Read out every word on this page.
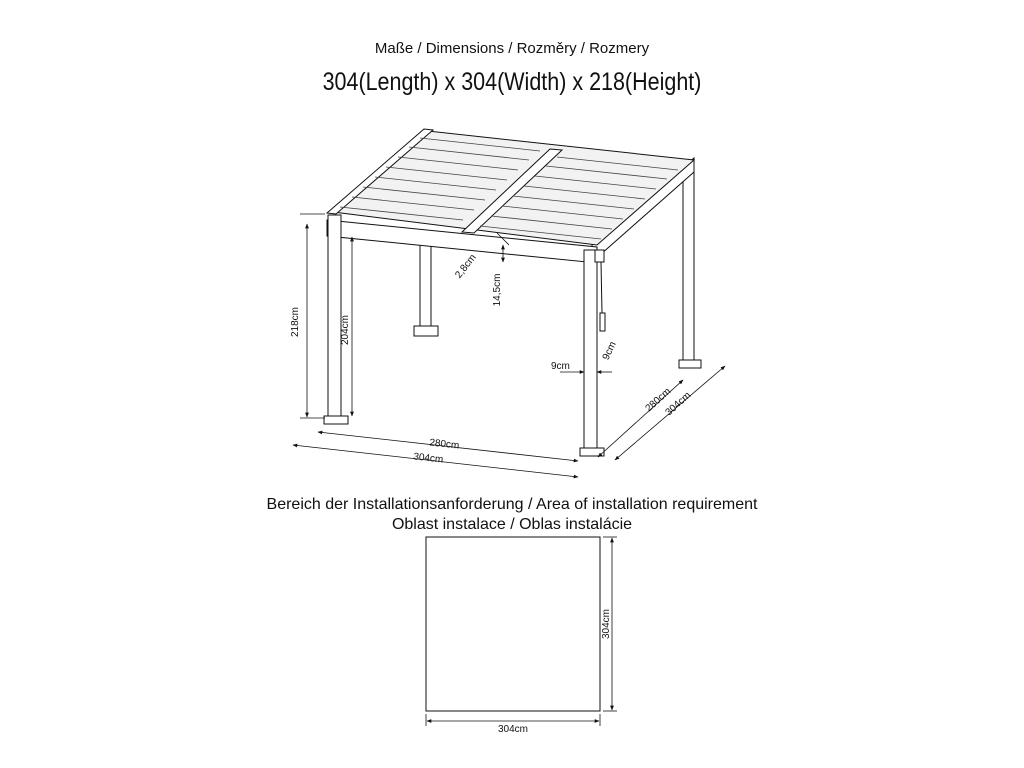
Maße / Dimensions / Rozměry / Rozmery
304(Length) x 304(Width) x 218(Height)
218cm	204cm
2,8cm
14,5cm
9cm
9cm
280cm
304cm
280cm
304cm
304cm
304cm
Bereich der Installationsanforderung / Area of installation requirement
Oblast instalace / Oblas instalácie
